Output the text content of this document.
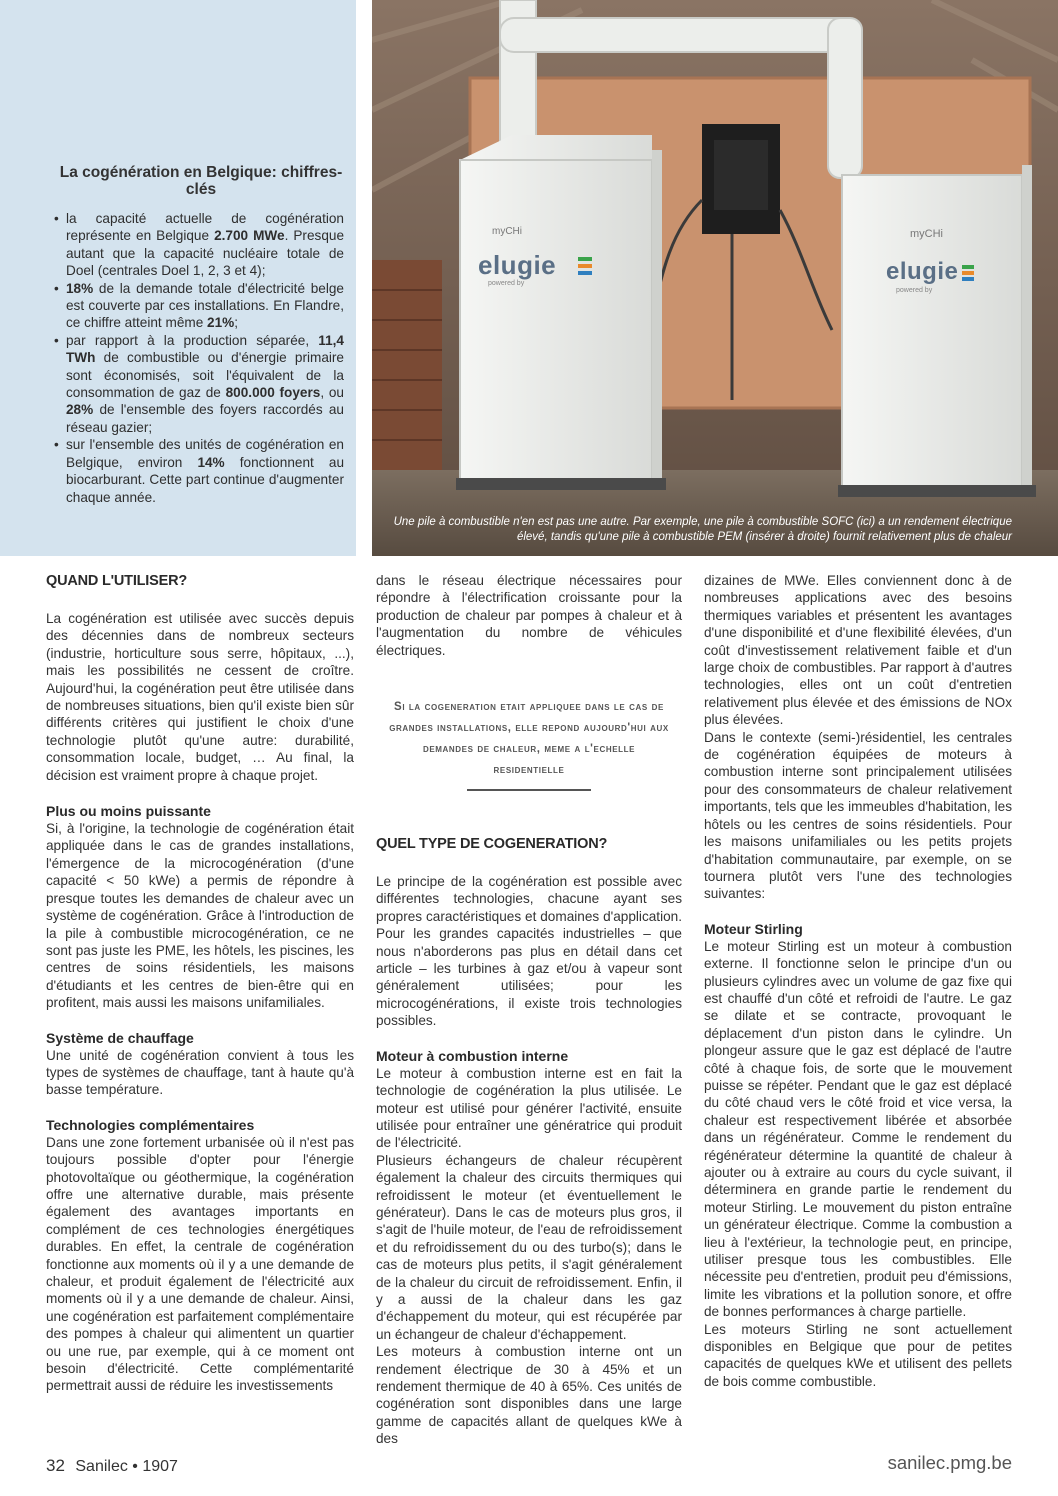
La cogénération en Belgique: chiffres-clés
• la capacité actuelle de cogénération représente en Belgique 2.700 MWe. Presque autant que la capacité nucléaire totale de Doel (centrales Doel 1, 2, 3 et 4);
• 18% de la demande totale d'électricité belge est couverte par ces installations. En Flandre, ce chiffre atteint même 21%;
• par rapport à la production séparée, 11,4 TWh de combustible ou d'énergie primaire sont économisés, soit l'équivalent de la consommation de gaz de 800.000 foyers, ou 28% de l'ensemble des foyers raccordés au réseau gazier;
• sur l'ensemble des unités de cogénération en Belgique, environ 14% fonctionnent au biocarburant. Cette part continue d'augmenter chaque année.
myCHi
elugie
powered by
myCHi
elugie
powered by
Une pile à combustible n'en est pas une autre. Par exemple, une pile à combustible SOFC (ici) a un rendement électrique élevé, tandis qu'une pile à combustible PEM (insérer à droite) fournit relativement plus de chaleur
QUAND L'UTILISER?

La cogénération est utilisée avec succès depuis des décennies dans de nombreux secteurs (industrie, horticulture sous serre, hôpitaux, ...), mais les possibilités ne cessent de croître. Aujourd'hui, la cogénération peut être utilisée dans de nombreuses situations, bien qu'il existe bien sûr différents critères qui justifient le choix d'une technologie plutôt qu'une autre: durabilité, consommation locale, budget, … Au final, la décision est vraiment propre à chaque projet.

Plus ou moins puissante

Si, à l'origine, la technologie de cogénération était appliquée dans le cas de grandes installations, l'émergence de la microcogénération (d'une capacité < 50 kWe) a permis de répondre à presque toutes les demandes de chaleur avec un système de cogénération. Grâce à l'introduction de la pile à combustible microcogénération, ce ne sont pas juste les PME, les hôtels, les piscines, les centres de soins résidentiels, les maisons d'étudiants et les centres de bien-être qui en profitent, mais aussi les maisons unifamiliales.

Système de chauffage

Une unité de cogénération convient à tous les types de systèmes de chauffage, tant à haute qu'à basse température.

Technologies complémentaires

Dans une zone fortement urbanisée où il n'est pas toujours possible d'opter pour l'énergie photovoltaïque ou géothermique, la cogénération offre une alternative durable, mais présente également des avantages importants en complément de ces technologies énergétiques durables. En effet, la centrale de cogénération fonctionne aux moments où il y a une demande de chaleur, et produit également de l'électricité aux moments où il y a une demande de chaleur. Ainsi, une cogénération est parfaitement complémentaire des pompes à chaleur qui alimentent un quartier ou une rue, par exemple, qui à ce moment ont besoin d'électricité. Cette complémentarité permettrait aussi de réduire les investissements

dans le réseau électrique nécessaires pour répondre à l'électrification croissante pour la production de chaleur par pompes à chaleur et à l'augmentation du nombre de véhicules électriques.

Si la cogeneration etait appliquee dans le cas de grandes installations, elle repond aujourd'hui aux demandes de chaleur, meme a l'echelle residentielle

QUEL TYPE DE COGENERATION?

Le principe de la cogénération est possible avec différentes technologies, chacune ayant ses propres caractéristiques et domaines d'application. Pour les grandes capacités industrielles – que nous n'aborderons pas plus en détail dans cet article – les turbines à gaz et/ou à vapeur sont généralement utilisées; pour les microcogénérations, il existe trois technologies possibles.

Moteur à combustion interne

Le moteur à combustion interne est en fait la technologie de cogénération la plus utilisée. Le moteur est utilisé pour générer l'activité, ensuite utilisée pour entraîner une génératrice qui produit de l'électricité.

Plusieurs échangeurs de chaleur récupèrent également la chaleur des circuits thermiques qui refroidissent le moteur (et éventuellement le générateur). Dans le cas de moteurs plus gros, il s'agit de l'huile moteur, de l'eau de refroidissement et du refroidissement du ou des turbo(s); dans le cas de moteurs plus petits, il s'agit généralement de la chaleur du circuit de refroidissement. Enfin, il y a aussi de la chaleur dans les gaz d'échappement du moteur, qui est récupérée par un échangeur de chaleur d'échappement.

Les moteurs à combustion interne ont un rendement électrique de 30 à 45% et un rendement thermique de 40 à 65%. Ces unités de cogénération sont disponibles dans une large gamme de capacités allant de quelques kWe à des

dizaines de MWe. Elles conviennent donc à de nombreuses applications avec des besoins thermiques variables et présentent les avantages d'une disponibilité et d'une flexibilité élevées, d'un coût d'investissement relativement faible et d'un large choix de combustibles. Par rapport à d'autres technologies, elles ont un coût d'entretien relativement plus élevée et des émissions de NOx plus élevées.

Dans le contexte (semi-)résidentiel, les centrales de cogénération équipées de moteurs à combustion interne sont principalement utilisées pour des consommateurs de chaleur relativement importants, tels que les immeubles d'habitation, les hôtels ou les centres de soins résidentiels. Pour les maisons unifamiliales ou les petits projets d'habitation communautaire, par exemple, on se tournera plutôt vers l'une des technologies suivantes:

Moteur Stirling

Le moteur Stirling est un moteur à combustion externe. Il fonctionne selon le principe d'un ou plusieurs cylindres avec un volume de gaz fixe qui est chauffé d'un côté et refroidi de l'autre. Le gaz se dilate et se contracte, provoquant le déplacement d'un piston dans le cylindre. Un plongeur assure que le gaz est déplacé de l'autre côté à chaque fois, de sorte que le mouvement puisse se répéter. Pendant que le gaz est déplacé du côté chaud vers le côté froid et vice versa, la chaleur est respectivement libérée et absorbée dans un régénérateur. Comme le rendement du régénérateur détermine la quantité de chaleur à ajouter ou à extraire au cours du cycle suivant, il déterminera en grande partie le rendement du moteur Stirling. Le mouvement du piston entraîne un générateur électrique. Comme la combustion a lieu à l'extérieur, la technologie peut, en principe, utiliser presque tous les combustibles. Elle nécessite peu d'entretien, produit peu d'émissions, limite les vibrations et la pollution sonore, et offre de bonnes performances à charge partielle.

Les moteurs Stirling ne sont actuellement disponibles en Belgique que pour de petites capacités de quelques kWe et utilisent des pellets de bois comme combustible.

32 Sanilec • 1907	sanilec.pmg.be
